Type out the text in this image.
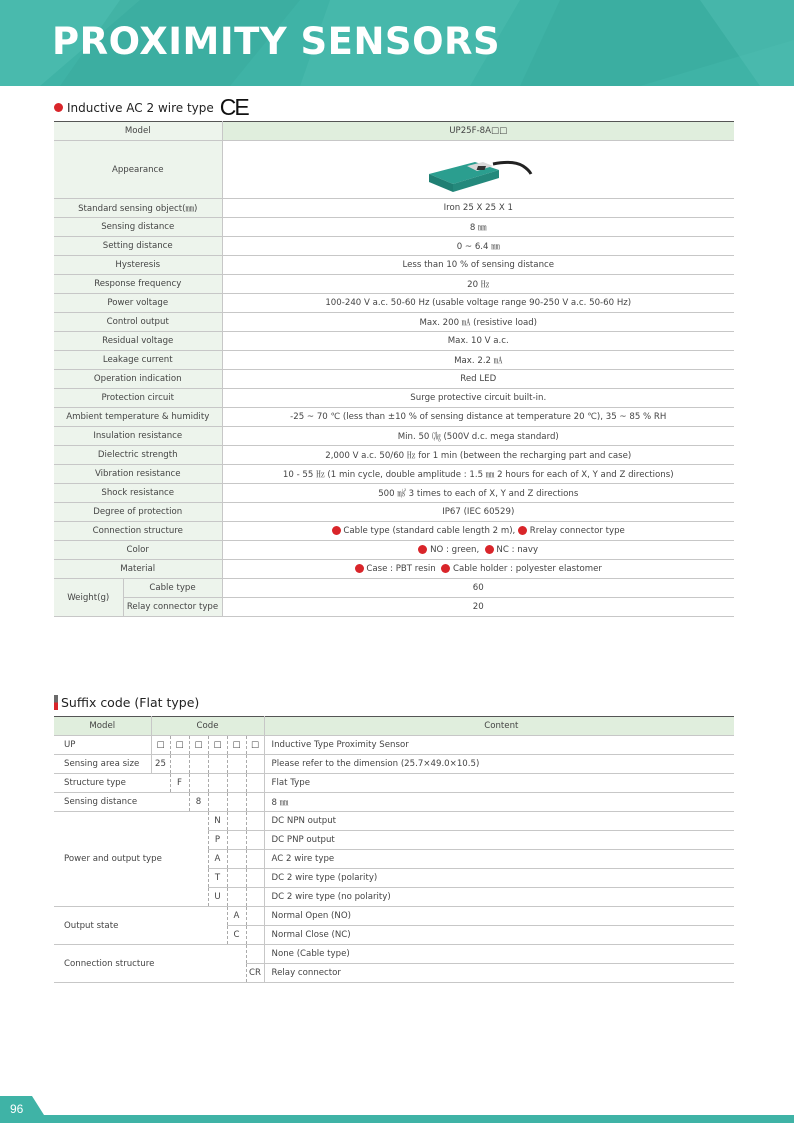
PROXIMITY SENSORS
Inductive AC 2 wire type CE
Model		UP25F-8A□□
Appearance	

Standard sensing object(㎜)		Iron 25 X 25 X 1
Sensing distance		8 ㎜
Setting distance		0 ~ 6.4 ㎜
Hysteresis		Less than 10 % of sensing distance
Response frequency		20 ㎐
Power voltage		100-240 V a.c. 50-60 Hz (usable voltage range 90-250 V a.c. 50-60 Hz)
Control output		Max. 200 ㎃ (resistive load)
Residual voltage		Max. 10 V a.c.
Leakage current		Max. 2.2 ㎃
Operation indication		Red LED
Protection circuit		Surge protective circuit built-in.
Ambient temperature & humidity		-25 ~ 70 ℃ (less than ±10 % of sensing distance at temperature 20 ℃), 35 ~ 85 % RH
Insulation resistance		Min. 50 ㏆ (500V d.c. mega standard)
Dielectric strength		2,000 V a.c. 50/60 ㎐ for 1 min (between the recharging part and case)
Vibration resistance		10 - 55 ㎐ (1 min cycle, double amplitude : 1.5 ㎜ 2 hours for each of X, Y and Z directions)
Shock resistance		500 ㎨ 3 times to each of X, Y and Z directions
Degree of protection		IP67 (IEC 60529)
Connection structure		Cable type (standard cable length 2 m), Rrelay connector type
Color		NO : green, NC : navy
Material		Case : PBT resin Cable holder : polyester elastomer
Weight(g)	Cable type	60
	Relay connector type	20
Suffix code (Flat type)
Model	Code						Content
UP	□	□	□	□	□	□	Inductive Type Proximity Sensor
Sensing area size	25						Please refer to the dimension (25.7×49.0×10.5)
Structure type		F					Flat Type
Sensing distance			8				8 ㎜
Power and output type				N			DC NPN output
				P			DC PNP output
				A			AC 2 wire type
				T			DC 2 wire type (polarity)
				U			DC 2 wire type (no polarity)
Output state					A		Normal Open (NO)
					C		Normal Close (NC)
Connection structure							None (Cable type)
						CR	Relay connector
96
